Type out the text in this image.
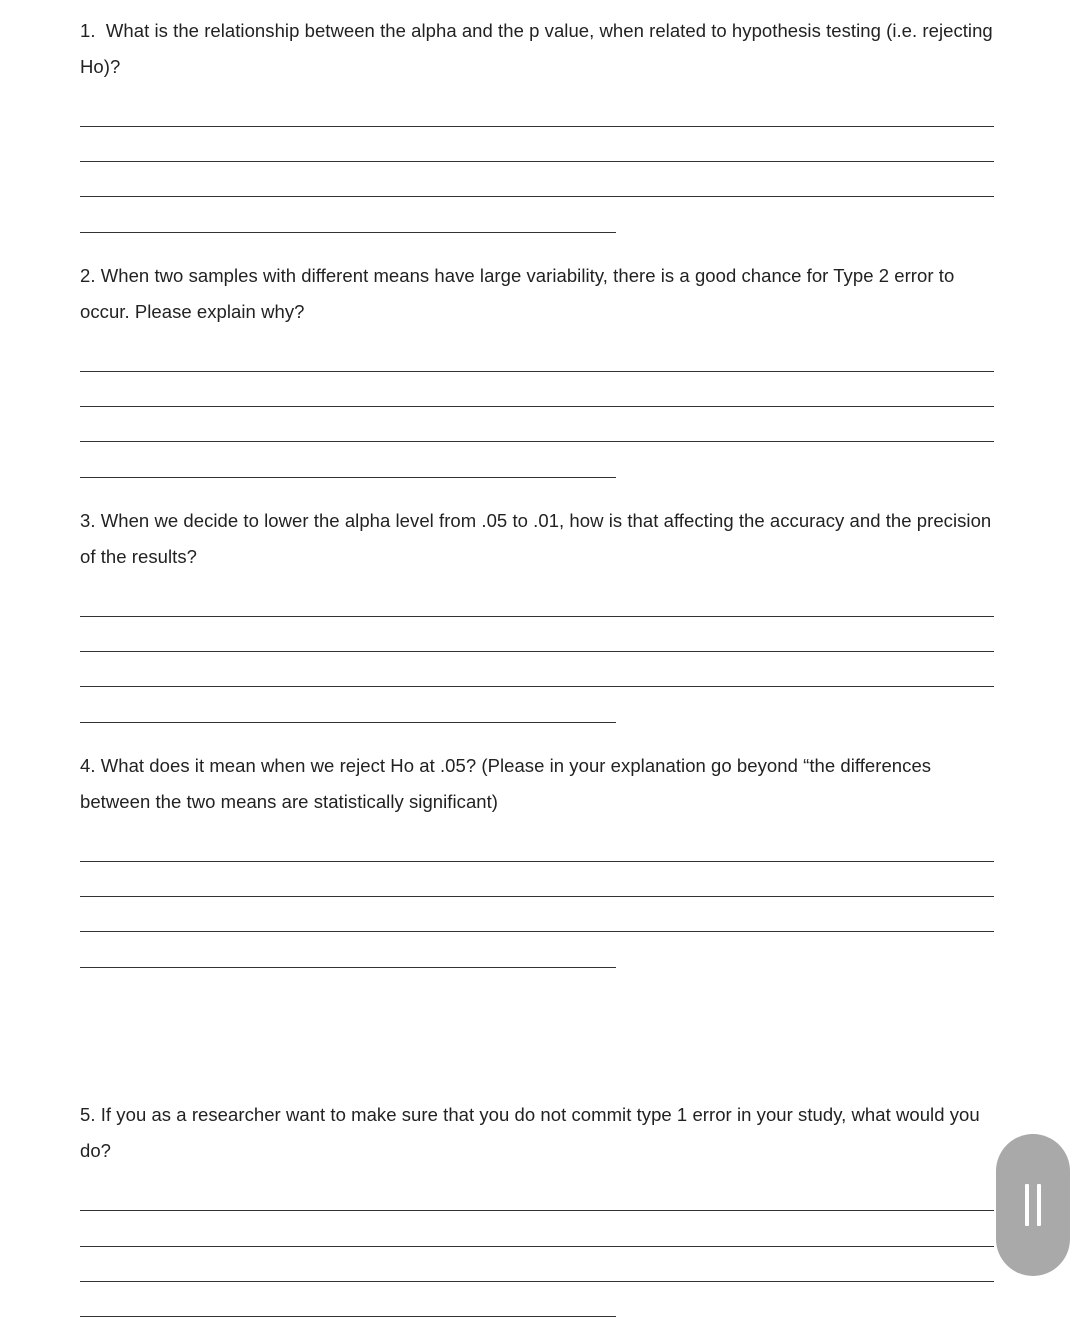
1. What is the relationship between the alpha and the p value, when related to hypothesis testing (i.e. rejecting Ho)?

2. When two samples with different means have large variability, there is a good chance for Type 2 error to occur. Please explain why?

3. When we decide to lower the alpha level from .05 to .01, how is that affecting the accuracy and the precision of the results?

4. What does it mean when we reject Ho at .05? (Please in your explanation go beyond “the differences between the two means are statistically significant)

5. If you as a researcher want to make sure that you do not commit type 1 error in your study, what would you do?
